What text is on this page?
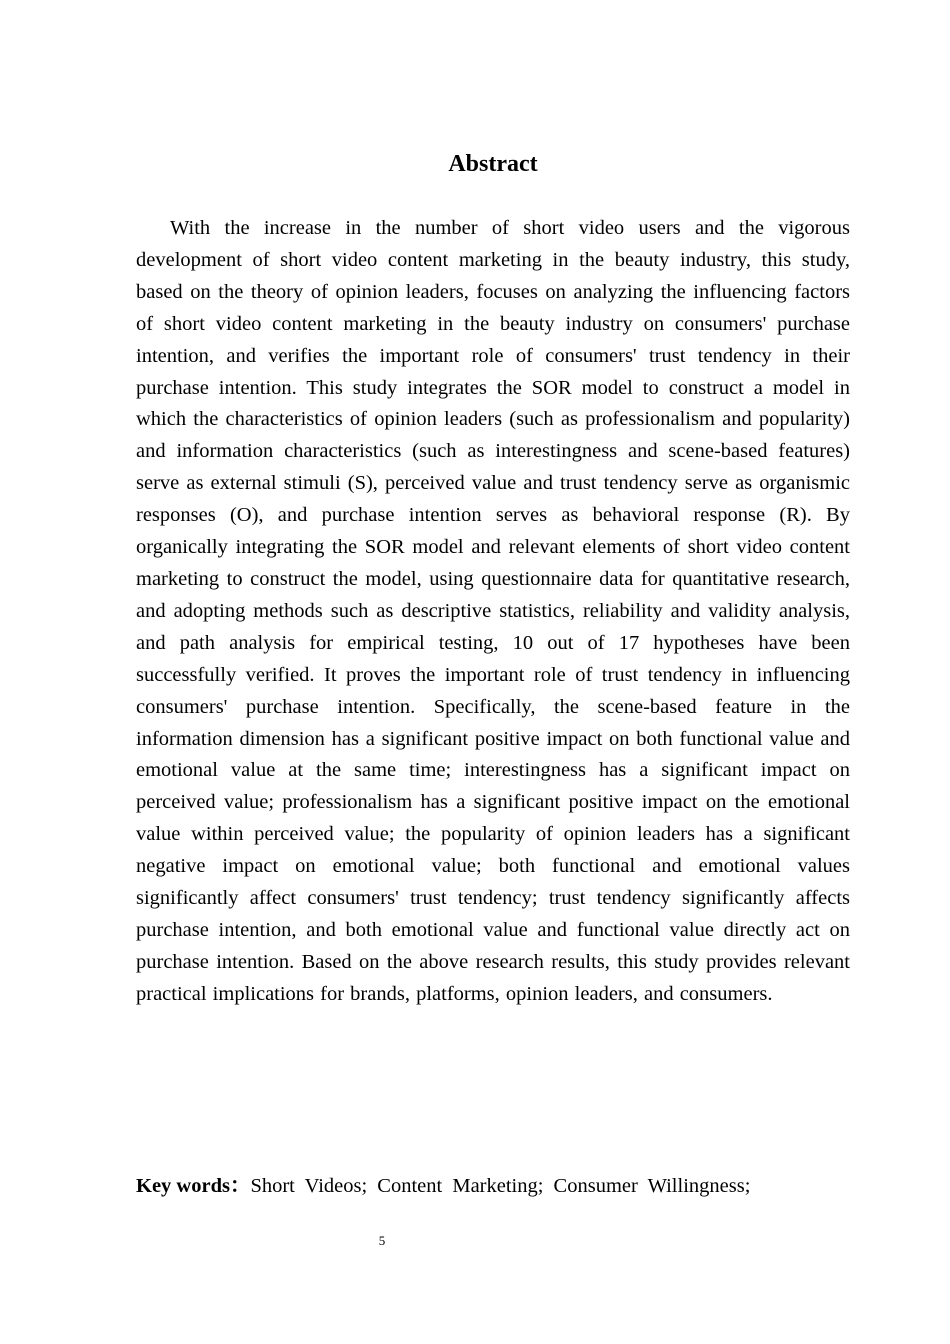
Abstract

With the increase in the number of short video users and the vigorous development of short video content marketing in the beauty industry, this study, based on the theory of opinion leaders, focuses on analyzing the influencing factors of short video content marketing in the beauty industry on consumers' purchase intention, and verifies the important role of consumers' trust tendency in their purchase intention. This study integrates the SOR model to construct a model in which the characteristics of opinion leaders (such as professionalism and popularity) and information characteristics (such as interestingness and scene-based features) serve as external stimuli (S), perceived value and trust tendency serve as organismic responses (O), and purchase intention serves as behavioral response (R). By organically integrating the SOR model and relevant elements of short video content marketing to construct the model, using questionnaire data for quantitative research, and adopting methods such as descriptive statistics, reliability and validity analysis, and path analysis for empirical testing, 10 out of 17 hypotheses have been successfully verified. It proves the important role of trust tendency in influencing consumers' purchase intention. Specifically, the scene-based feature in the information dimension has a significant positive impact on both functional value and emotional value at the same time; interestingness has a significant impact on perceived value; professionalism has a significant positive impact on the emotional value within perceived value; the popularity of opinion leaders has a significant negative impact on emotional value; both functional and emotional values significantly affect consumers' trust tendency; trust tendency significantly affects purchase intention, and both emotional value and functional value directly act on purchase intention. Based on the above research results, this study provides relevant practical implications for brands, platforms, opinion leaders, and consumers.

Key words：Short Videos; Content Marketing; Consumer Willingness;

5
